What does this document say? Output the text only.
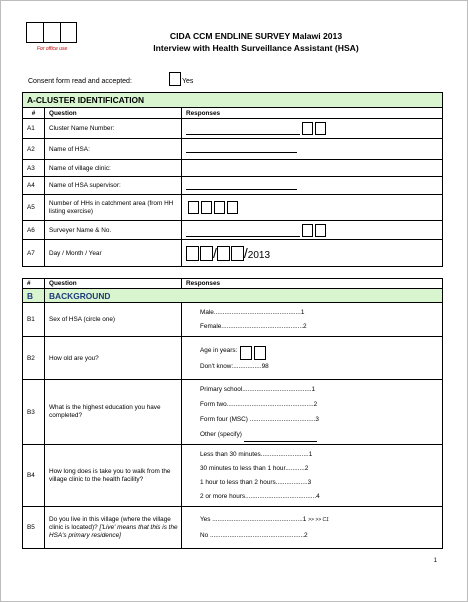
For office use
CIDA CCM ENDLINE SURVEY Malawi 2013
Interview with Health Surveillance Assistant (HSA)
Consent form read and accepted:	Yes
A-CLUSTER IDENTIFICATION		
#	Question	Responses
A1	Cluster Name Number:	
A2	Name of HSA:	
A3	Name of village clinic:	
A4	Name of HSA supervisor:	
A5	Number of HHs in catchment area (from HH listing exercise)	
A6	Surveyer Name & No.	
A7	Day / Month / Year	/ /2013
#	Question	Responses
B	BACKGROUND	
B1	Sex of HSA (circle one)	Male.................................................1
Female..............................................2

B2	How old are you?	Age in years:
Don't know:................98

B3	What is the highest education you have completed?	Primary school.......................................1
Form two.................................................2
Form four (MSC) .....................................3
Other (specify)

B4	How long does is take you to walk from the village clinic to the health facility?	Less than 30 minutes...........................1
30 minutes to less than 1 hour...........2
1 hour to less than 2 hours..................3
2 or more hours........................................4

B5	Do you live in this village (where the village clinic is located)? ['Live' means that this is the HSA's primary residence]	Yes ...................................................1 >> >> C1
No .....................................................2
1
